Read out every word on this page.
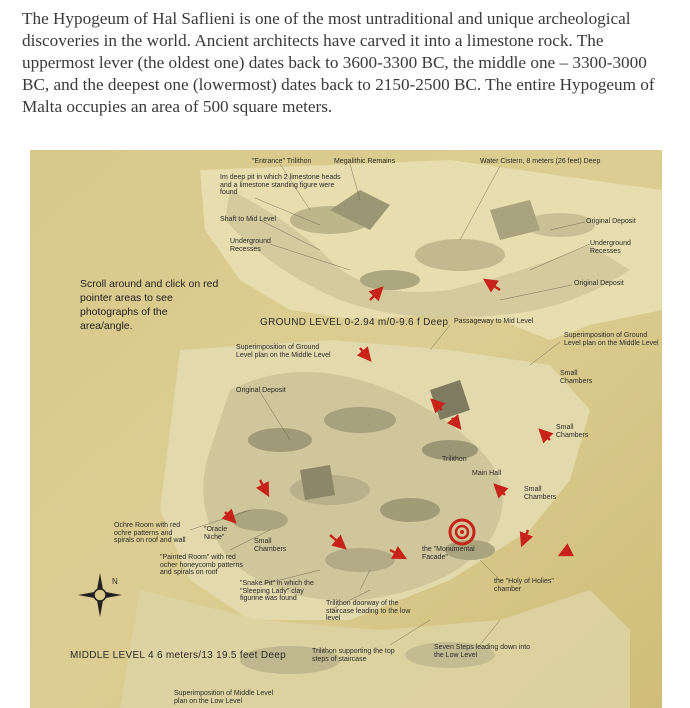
The Hypogeum of Hal Saflieni is one of the most untraditional and unique archeological discoveries in the world. Ancient architects have carved it into a limestone rock. The uppermost lever (the oldest one) dates back to 3600-3300 BC, the middle one – 3300-3000 BC, and the deepest one (lowermost) dates back to 2150-2500 BC. The entire Hypogeum of Malta occupies an area of 500 square meters.

"Entrance" Trilithon	Megalithic Remains	Water Cistern, 8 meters (26 feet) Deep
Im deep pit in which 2 limestone heads and a limestone standing figure were found
Shaft to Mid Level
Underground Recesses
Original Deposit
Underground Recesses
Original Deposit
Scroll around and click on red pointer areas to see photographs of the area/angle.	GROUND LEVEL 0-2.94 m/0-9.6 f Deep Passageway to Mid Level
Superimposition of Ground Level plan on the Middle Level
Superimposition of Ground Level plan on the Middle Level
Original Deposit
Small Chambers
Small Chambers
Trilithon
Main Hall
Small Chambers
Ochre Room with red ochre patterns and spirals on roof and wall
"Oracle Niche"
Small Chambers
"Painted Room" with red ocher honeycomb patterns and spirals on roof
the "Monumental Facade"
"Snake Pit" in which the "Sleeping Lady" clay figurine was found
the "Holy of Holies" chamber
Trilithon doorway of the staircase leading to the low level
MIDDLE LEVEL 4 6 meters/13 19.5 feet Deep	Trilithon supporting the top steps of staircase
Seven Steps leading down into the Low Level
Superimposition of Middle Level plan on the Low Level
N
